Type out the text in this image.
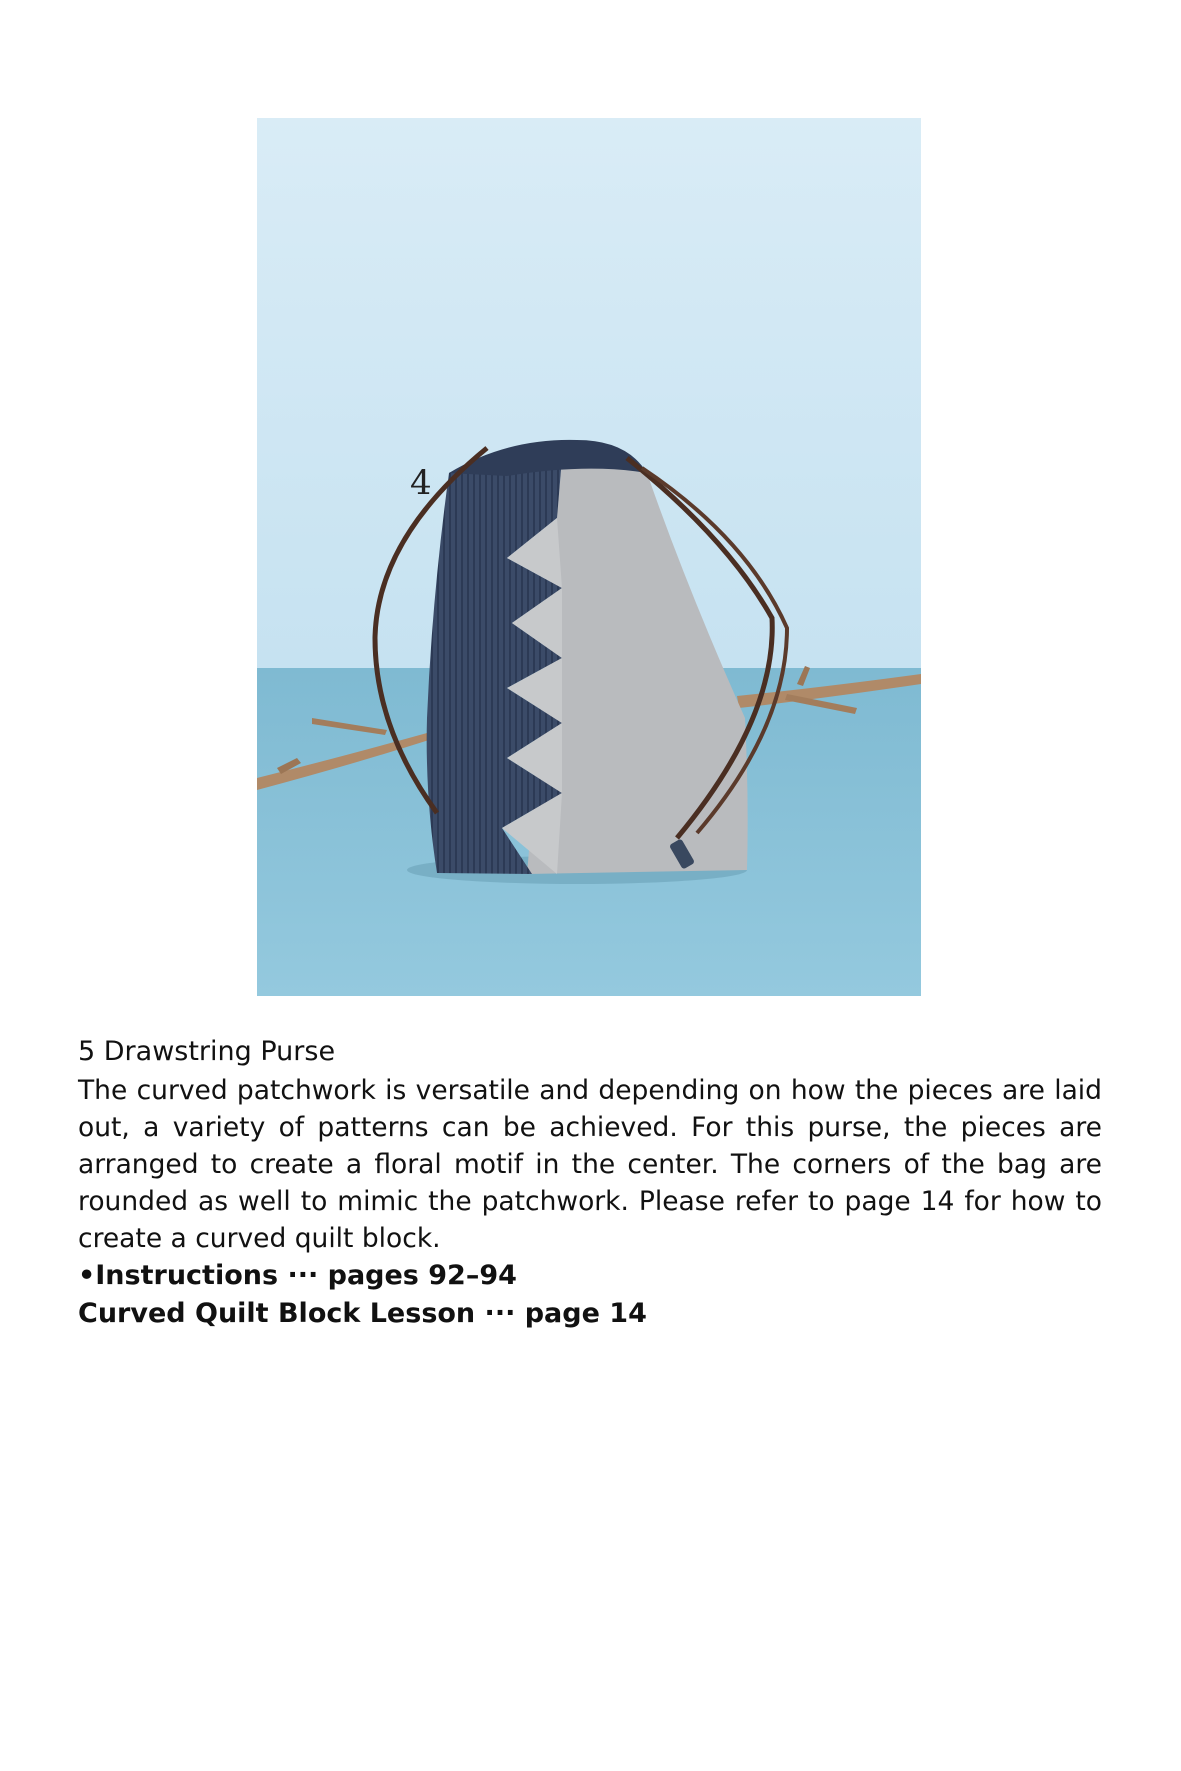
4

5 Drawstring Purse

The curved patchwork is versatile and depending on how the pieces are laid out, a variety of patterns can be achieved. For this purse, the pieces are arranged to create a floral motif in the center. The corners of the bag are rounded as well to mimic the patchwork. Please refer to page 14 for how to create a curved quilt block.

•Instructions ··· pages 92–94

Curved Quilt Block Lesson ··· page 14
